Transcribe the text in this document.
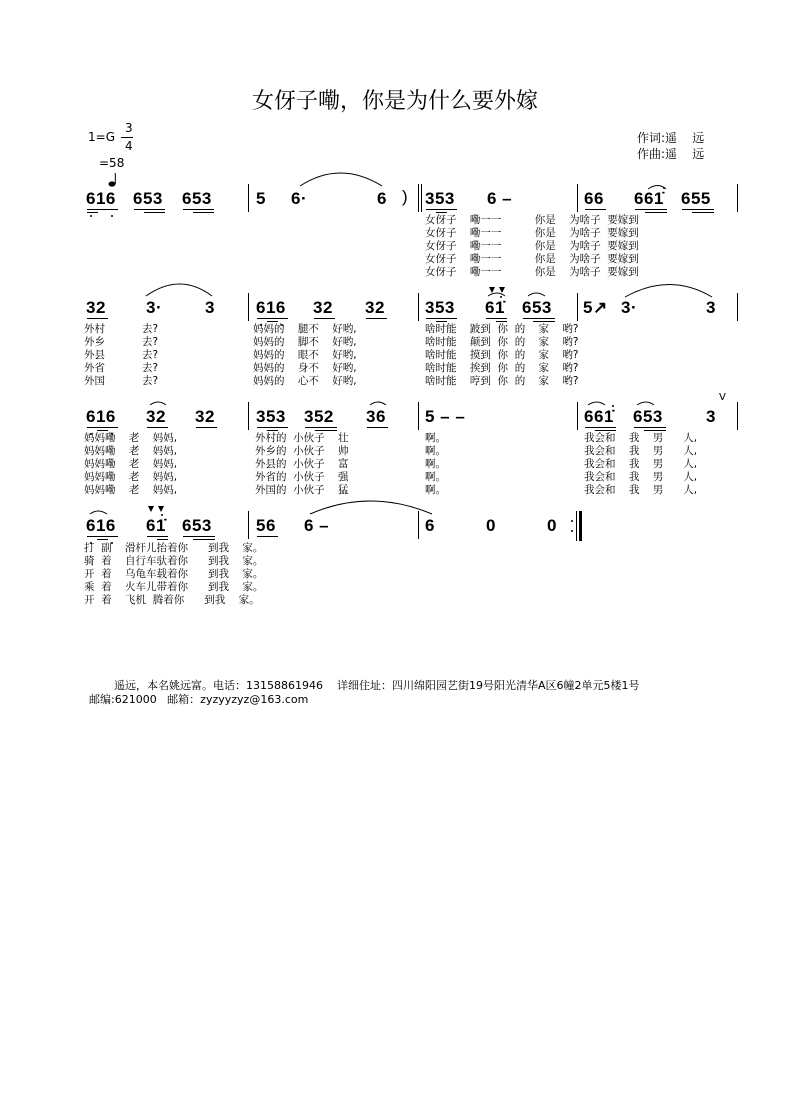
女伢子嘞，你是为什么要外嫁
1=G
3
4

=58
作词:遥    远
作曲:遥    远
616 653 653	5 6·	6 ) 353 6 –	66 661̇ 655
女伢子    嘞一一          你是    为啥子  要嫁到
女伢子    嘞一一          你是    为啥子  要嫁到
女伢子    嘞一一          你是    为啥子  要嫁到
女伢子    嘞一一          你是    为啥子  要嫁到
女伢子    嘞一一          你是    为啥子  要嫁到
32 3·	3 616 32 32 353 61̇ 653 5↗ 3·	3
外村
外乡
外县
外省
外国
去?
去?
去?
去?
去?
妈妈的    腿不    好哟,
妈妈的    脚不    好哟,
妈妈的    眼不    好哟,
妈妈的    身不    好哟,
妈妈的    心不    好哟,
啥时能    跛到  你  的    家    哟?
啥时能    颠到  你  的    家    哟?
啥时能    摸到  你  的    家    哟?
啥时能    挨到  你  的    家    哟?
啥时能    哼到  你  的    家    哟?
616 32 32 353 352 36 5 – –	661̇ 653	3
V
妈妈嘞    老    妈妈,
妈妈嘞    老    妈妈,
妈妈嘞    老    妈妈,
妈妈嘞    老    妈妈,
妈妈嘞    老    妈妈,
外村的  小伙子    壮
外乡的  小伙子    帅
外县的  小伙子    富
外省的  小伙子    强
外国的  小伙子    猛
啊。
啊。
啊。
啊。
啊。
我会和    我    男      人,
我会和    我    男      人,
我会和    我    男      人,
我会和    我    男      人,
我会和    我    男      人,
616 61̇ 653	56 6 –	6	0	0
打  副    滑杆儿抬着你      到我    家。
骑  着    自行车驮着你      到我    家。
开  着    乌龟车载着你      到我    家。
乘  着    火车儿带着你      到我    家。
开  着    飞机  腾着你      到我    家。
遥远，本名姚远富。电话：13158861946    详细住址：四川绵阳园艺街19号阳光清华A区6幢2单元5楼1号
邮编:621000   邮箱：zyzyyzyz@163.com
